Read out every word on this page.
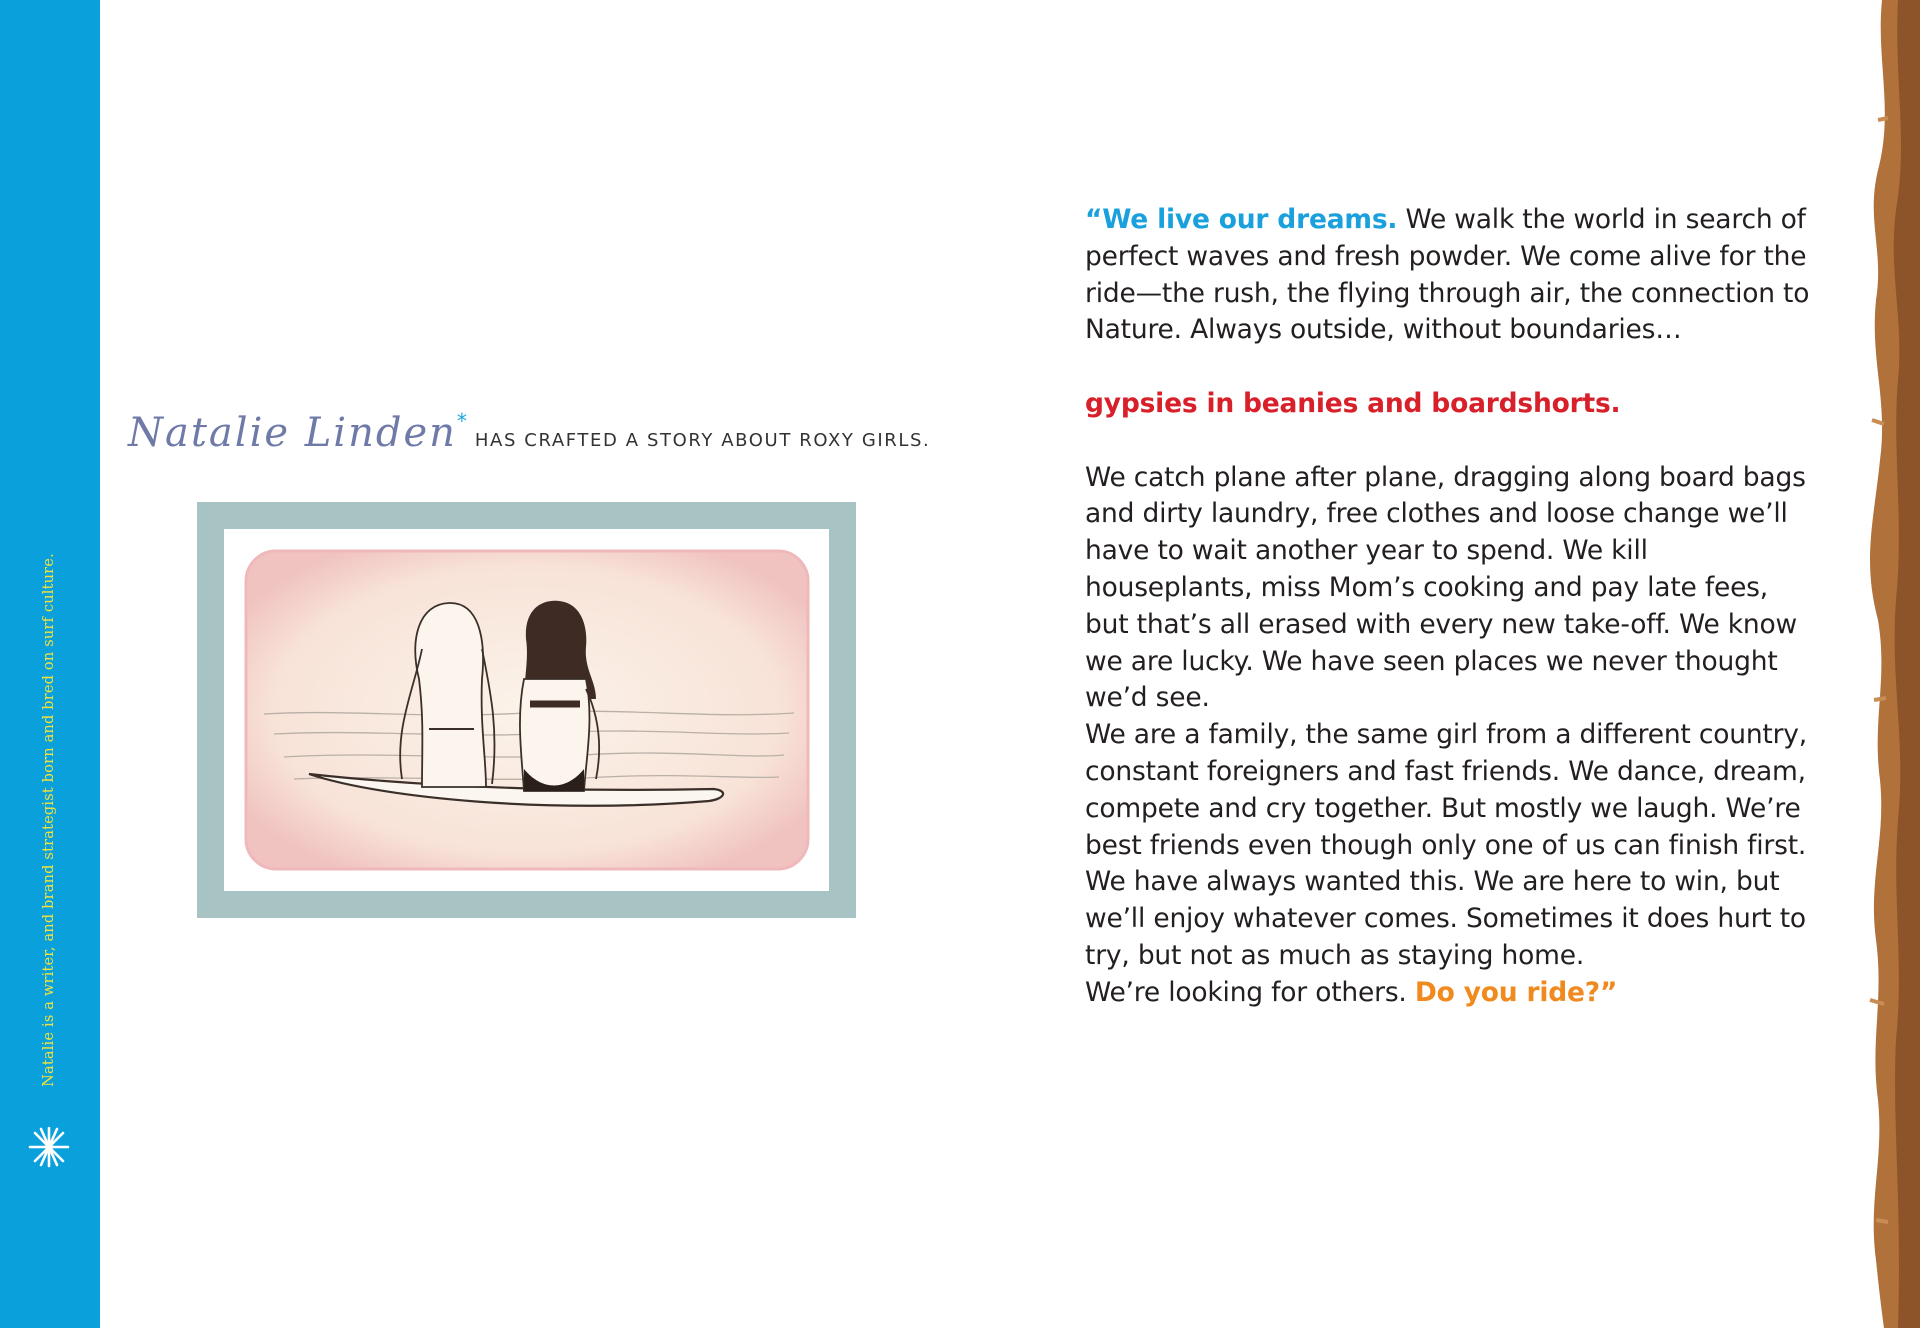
Natalie is a writer, and brand strategist born and bred on surf culture.
Natalie Linden*HAS CRAFTED A STORY ABOUT ROXY GIRLS.

“We live our dreams. We walk the world in search of perfect waves and fresh powder. We come alive for the ride—the rush, the flying through air, the connection to Nature. Always outside, without boundaries…

gypsies in beanies and boardshorts.

We catch plane after plane, dragging along board bags and dirty laundry, free clothes and loose change we’ll have to wait another year to spend. We kill houseplants, miss Mom’s cooking and pay late fees, but that’s all erased with every new take-off. We know we are lucky. We have seen places we never thought we’d see.

We are a family, the same girl from a different country, constant foreigners and fast friends. We dance, dream, compete and cry together. But mostly we laugh. We’re best friends even though only one of us can finish first.

We have always wanted this. We are here to win, but we’ll enjoy whatever comes. Sometimes it does hurt to try, but not as much as staying home.

We’re looking for others. Do you ride?”
